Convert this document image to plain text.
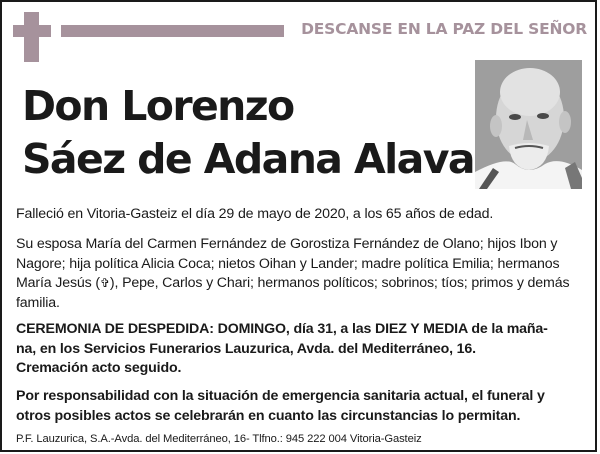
DESCANSE EN LA PAZ DEL SEÑOR
Don Lorenzo
Sáez de Adana Alava
Falleció en Vitoria-Gasteiz el día 29 de mayo de 2020, a los 65 años de edad.
Su esposa María del Carmen Fernández de Gorostiza Fernández de Olano; hijos Ibon y Nagore; hija política Alicia Coca; nietos Oihan y Lander; madre política Emilia; hermanos María Jesús (✞), Pepe, Carlos y Chari; hermanos políticos; sobrinos; tíos; primos y demás familia.
CEREMONIA DE DESPEDIDA: DOMINGO, día 31, a las DIEZ Y MEDIA de la maña-
na, en los Servicios Funerarios Lauzurica, Avda. del Mediterráneo, 16.
Cremación acto seguido.
Por responsabilidad con la situación de emergencia sanitaria actual, el funeral y
otros posibles actos se celebrarán en cuanto las circunstancias lo permitan.
P.F. Lauzurica, S.A.-Avda. del Mediterráneo, 16- Tlfno.: 945 222 004 Vitoria-Gasteiz
